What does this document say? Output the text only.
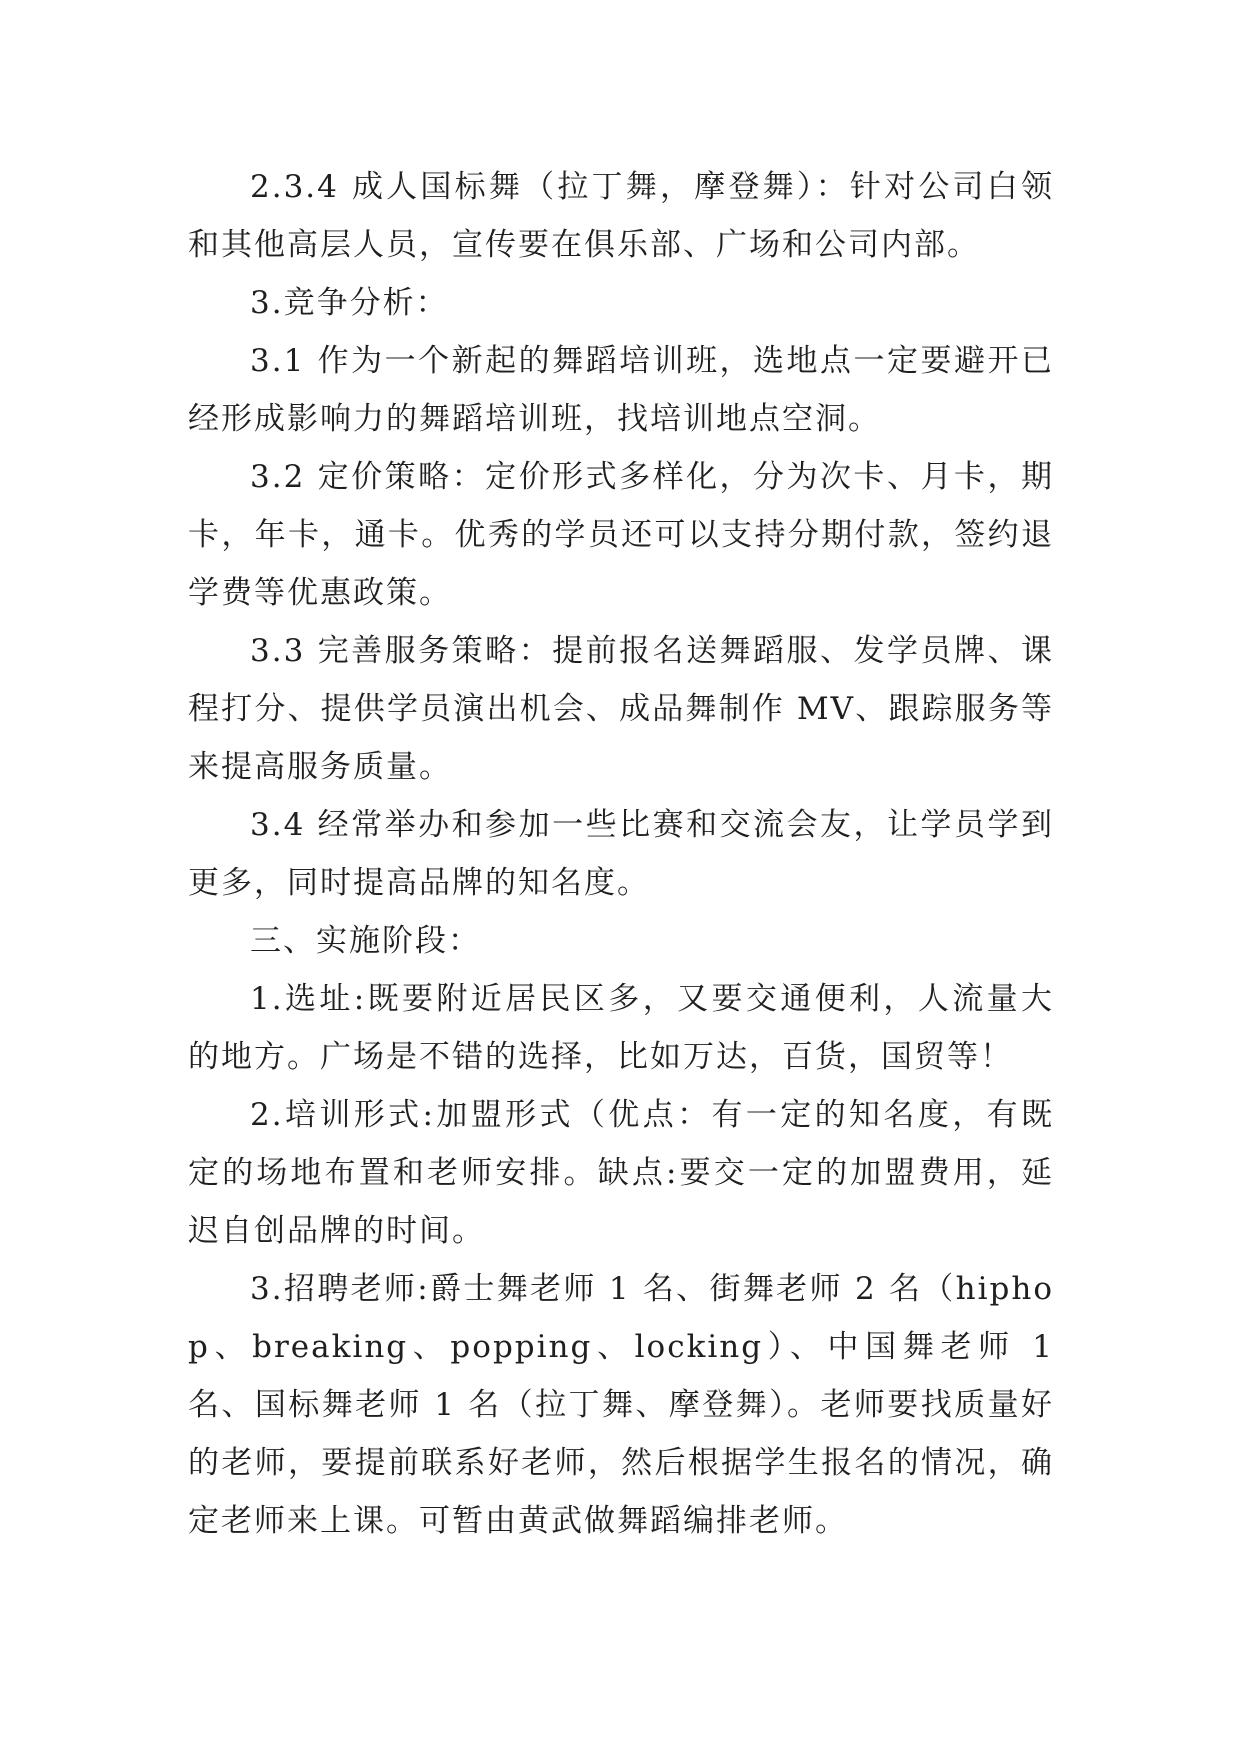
2.3.4 成人国标舞（拉丁舞，摩登舞）：针对公司白领和其他高层人员，宣传要在俱乐部、广场和公司内部。

3.竞争分析：

3.1 作为一个新起的舞蹈培训班，选地点一定要避开已经形成影响力的舞蹈培训班，找培训地点空洞。

3.2 定价策略：定价形式多样化，分为次卡、月卡，期卡，年卡，通卡。优秀的学员还可以支持分期付款，签约退学费等优惠政策。

3.3 完善服务策略：提前报名送舞蹈服、发学员牌、课程打分、提供学员演出机会、成品舞制作 MV、跟踪服务等来提高服务质量。

3.4 经常举办和参加一些比赛和交流会友，让学员学到更多，同时提高品牌的知名度。

三、实施阶段：

1.选址:既要附近居民区多，又要交通便利，人流量大的地方。广场是不错的选择，比如万达，百货，国贸等！

2.培训形式:加盟形式（优点：有一定的知名度，有既定的场地布置和老师安排。缺点:要交一定的加盟费用，延迟自创品牌的时间。

3.招聘老师:爵士舞老师 1 名、街舞老师 2 名（hiphop、breaking、popping、locking）、中国舞老师 1 名、国标舞老师 1 名（拉丁舞、摩登舞）。老师要找质量好的老师，要提前联系好老师，然后根据学生报名的情况，确定老师来上课。可暂由黄武做舞蹈编排老师。
